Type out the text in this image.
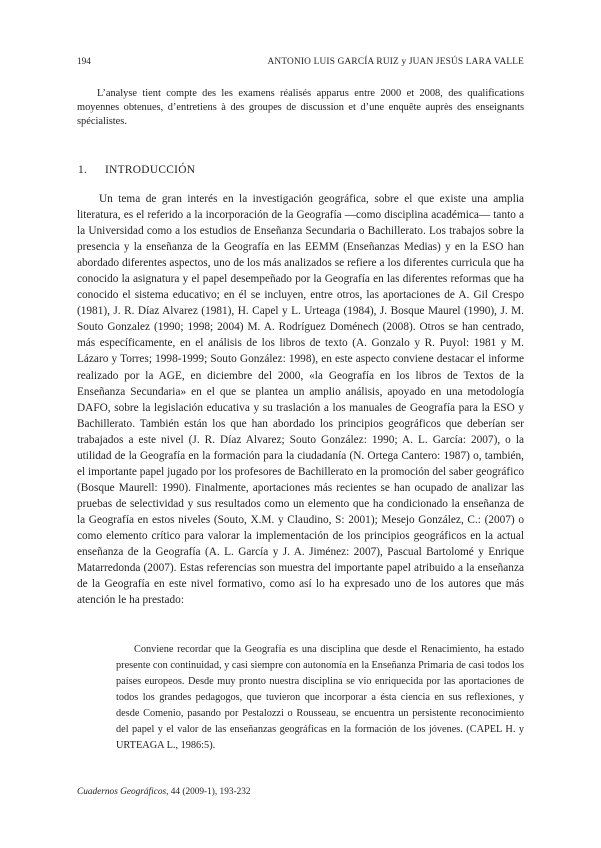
194	ANTONIO LUIS GARCÍA RUIZ y JUAN JESÚS LARA VALLE

L’analyse tient compte des les examens réalisés apparus entre 2000 et 2008, des qualifications moyennes obtenues, d’entretiens à des groupes de discussion et d’une enquête auprès des enseignants spécialistes.

1. INTRODUCCIÓN

Un tema de gran interés en la investigación geográfica, sobre el que existe una amplia literatura, es el referido a la incorporación de la Geografía —como disciplina académica— tanto a la Universidad como a los estudios de Enseñanza Secundaria o Bachillerato. Los trabajos sobre la presencia y la enseñanza de la Geografía en las EEMM (Enseñanzas Medias) y en la ESO han abordado diferentes aspectos, uno de los más analizados se refiere a los diferentes curricula que ha conocido la asignatura y el papel desempeñado por la Geografía en las diferentes reformas que ha conocido el sistema educativo; en él se incluyen, entre otros, las aportaciones de A. Gil Crespo (1981), J. R. Díaz Alvarez (1981), H. Capel y L. Urteaga (1984), J. Bosque Maurel (1990), J. M. Souto Gonzalez (1990; 1998; 2004) M. A. Rodríguez Doménech (2008). Otros se han centrado, más específicamente, en el análisis de los libros de texto (A. Gonzalo y R. Puyol: 1981 y M. Lázaro y Torres; 1998-1999; Souto González: 1998), en este aspecto conviene destacar el informe realizado por la AGE, en diciembre del 2000, «la Geografía en los libros de Textos de la Enseñanza Secundaria» en el que se plantea un amplio análisis, apoyado en una metodología DAFO, sobre la legislación educativa y su traslación a los manuales de Geografía para la ESO y Bachillerato. También están los que han abordado los principios geográficos que deberían ser trabajados a este nivel (J. R. Díaz Alvarez; Souto González: 1990; A. L. García: 2007), o la utilidad de la Geografía en la formación para la ciudadanía (N. Ortega Cantero: 1987) o, también, el importante papel jugado por los profesores de Bachillerato en la promoción del saber geográfico (Bosque Maurell: 1990). Finalmente, aportaciones más recientes se han ocupado de analizar las pruebas de selectividad y sus resultados como un elemento que ha condicionado la enseñanza de la Geografía en estos niveles (Souto, X.M. y Claudino, S: 2001); Mesejo González, C.: (2007) o como elemento crítico para valorar la implementación de los principios geográficos en la actual enseñanza de la Geografía (A. L. García y J. A. Jiménez: 2007), Pascual Bartolomé y Enrique Matarredonda (2007). Estas referencias son muestra del importante papel atribuido a la enseñanza de la Geografía en este nivel formativo, como así lo ha expresado uno de los autores que más atención le ha prestado:

Conviene recordar que la Geografía es una disciplina que desde el Renacimiento, ha estado presente con continuidad, y casi siempre con autonomía en la Enseñanza Primaria de casi todos los países europeos. Desde muy pronto nuestra disciplina se vio enriquecida por las aportaciones de todos los grandes pedagogos, que tuvieron que incorporar a ésta ciencia en sus reflexiones, y desde Comenio, pasando por Pestalozzi o Rousseau, se encuentra un persistente reconocimiento del papel y el valor de las enseñanzas geográficas en la formación de los jóvenes. (CAPEL H. y URTEAGA L., 1986:5).

Cuadernos Geográficos, 44 (2009-1), 193-232
